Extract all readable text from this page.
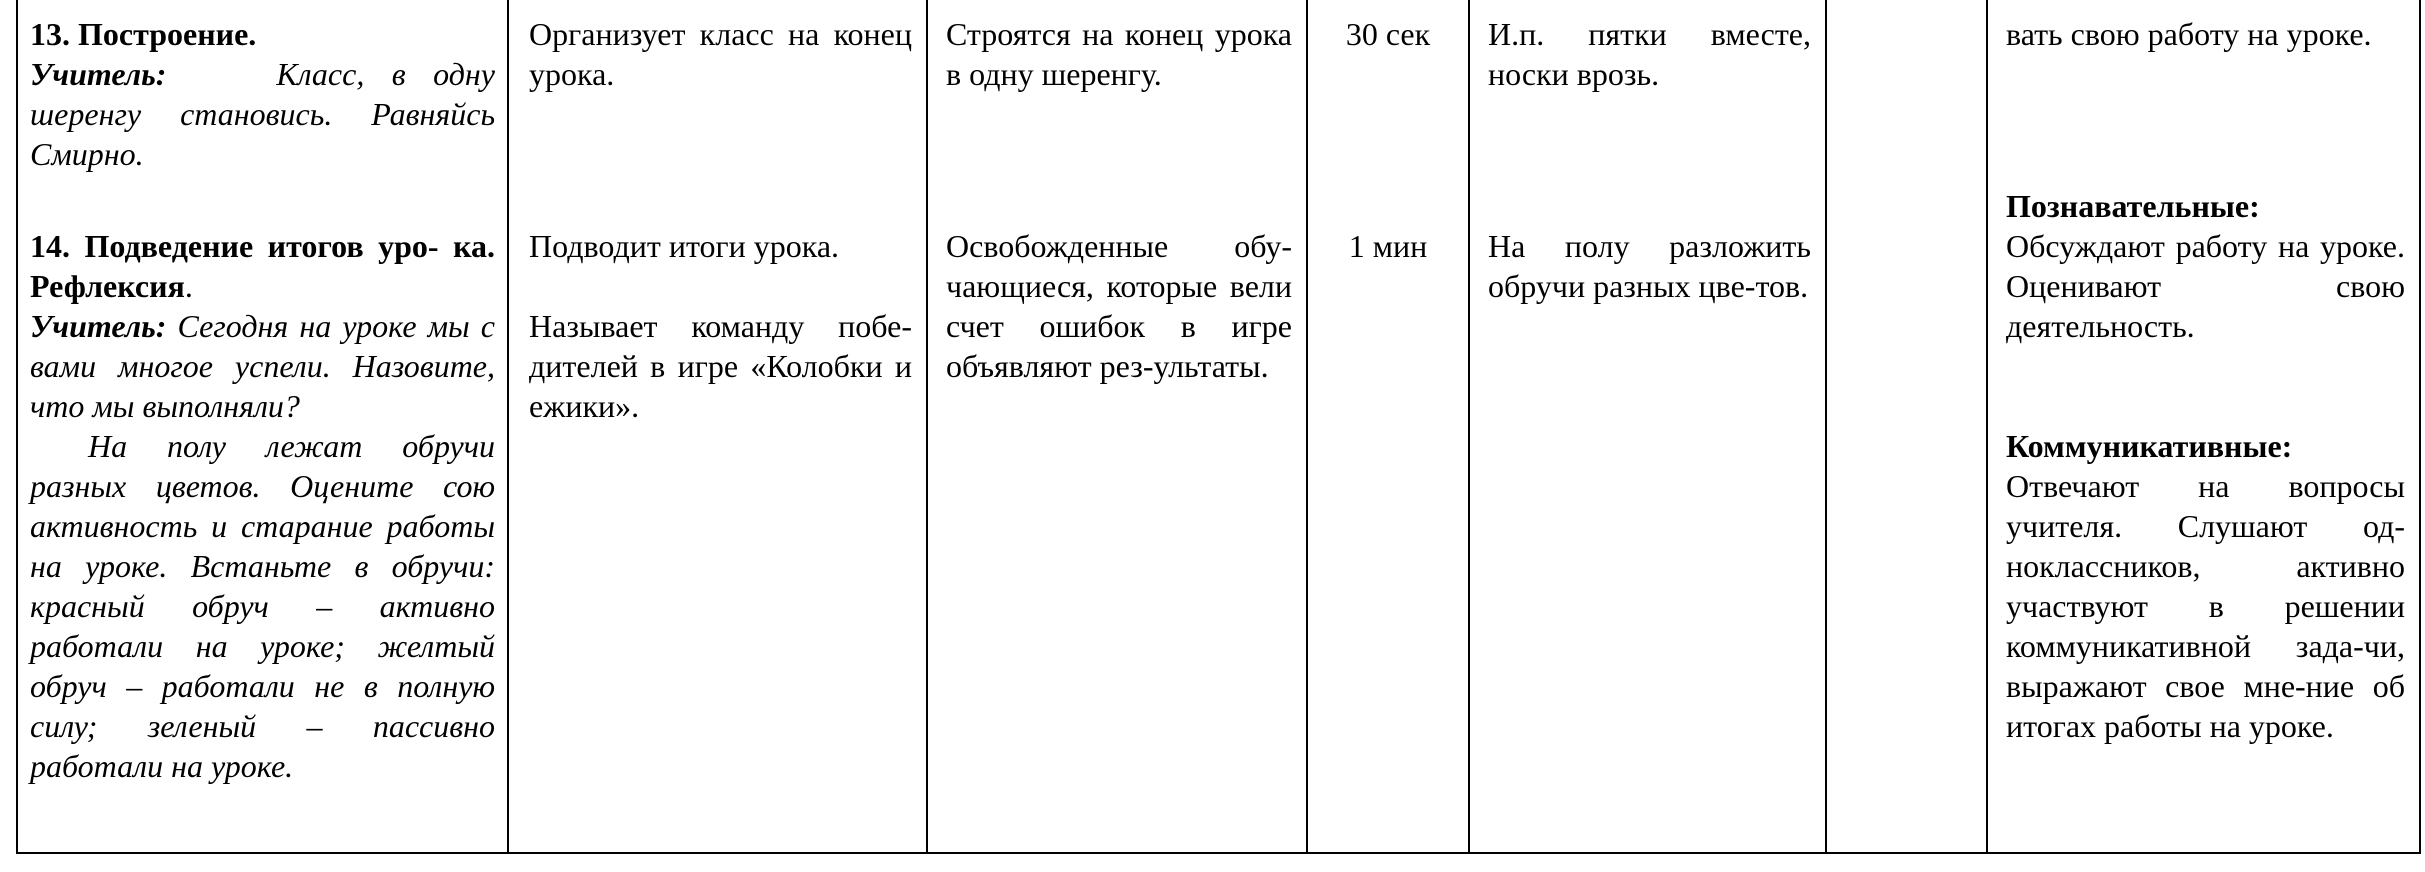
13. Построение.

Учитель:	Класс, в одну шеренгу становись. Равняйсь Смирно.

14. Подведение итогов уро- ка. Рефлексия.

Учитель: Сегодня на уроке мы с вами многое успели. Назовите, что мы выполняли?

На полу лежат обручи разных цветов. Оцените сою активность и старание работы на уроке. Встаньте в обручи: красный обруч – активно работали на уроке; желтый обруч – работали не в полную силу; зеленый – пассивно работали на уроке.

Организует класс на конец урока.

Подводит итоги урока.

Называет команду побе-дителей в игре «Колобки и ежики».

Строятся на конец урока в одну шеренгу.

Освобожденные обу-чающиеся, которые вели счет ошибок в игре объявляют рез-ультаты.

30 сек

1 мин

И.п. пятки вместе, носки врозь.

На полу разложить обручи разных цве-тов.

вать свою работу на уроке.

Познавательные:

Обсуждают работу на уроке. Оценивают свою деятельность.

Коммуникативные:

Отвечают на вопросы учителя. Слушают од-ноклассников, активно участвуют в решении коммуникативной зада-чи, выражают свое мне-ние об итогах работы на уроке.
